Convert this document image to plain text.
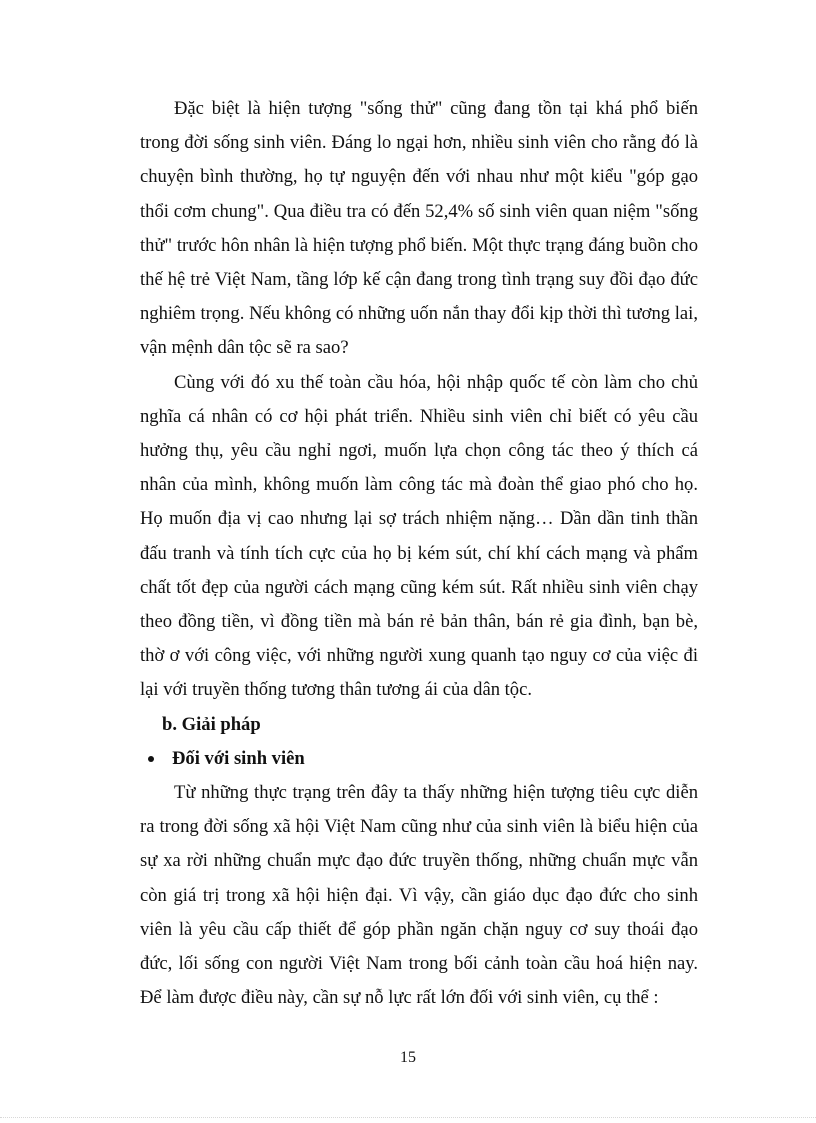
Đặc biệt là hiện tượng "sống thử" cũng đang tồn tại khá phổ biến trong đời sống sinh viên. Đáng lo ngại hơn, nhiều sinh viên cho rằng đó là chuyện bình thường, họ tự nguyện đến với nhau như một kiểu "góp gạo thổi cơm chung". Qua điều tra có đến 52,4% số sinh viên quan niệm "sống thử" trước hôn nhân là hiện tượng phổ biến. Một thực trạng đáng buồn cho thế hệ trẻ Việt Nam, tầng lớp kế cận đang trong tình trạng suy đồi đạo đức nghiêm trọng. Nếu không có những uốn nắn thay đổi kịp thời thì tương lai, vận mệnh dân tộc sẽ ra sao?

Cùng với đó xu thế toàn cầu hóa, hội nhập quốc tế còn làm cho chủ nghĩa cá nhân có cơ hội phát triển. Nhiều sinh viên chỉ biết có yêu cầu hưởng thụ, yêu cầu nghỉ ngơi, muốn lựa chọn công tác theo ý thích cá nhân của mình, không muốn làm công tác mà đoàn thể giao phó cho họ. Họ muốn địa vị cao nhưng lại sợ trách nhiệm nặng… Dần dần tinh thần đấu tranh và tính tích cực của họ bị kém sút, chí khí cách mạng và phẩm chất tốt đẹp của người cách mạng cũng kém sút. Rất nhiều sinh viên chạy theo đồng tiền, vì đồng tiền mà bán rẻ bản thân, bán rẻ gia đình, bạn bè, thờ ơ với công việc, với những người xung quanh tạo nguy cơ của việc đi lại với truyền thống tương thân tương ái của dân tộc.

b. Giải pháp

Đối với sinh viên

Từ những thực trạng trên đây ta thấy những hiện tượng tiêu cực diễn ra trong đời sống xã hội Việt Nam cũng như của sinh viên là biểu hiện của sự xa rời những chuẩn mực đạo đức truyền thống, những chuẩn mực vẫn còn giá trị trong xã hội hiện đại. Vì vậy, cần giáo dục đạo đức cho sinh viên là yêu cầu cấp thiết để góp phần ngăn chặn nguy cơ suy thoái đạo đức, lối sống con người Việt Nam trong bối cảnh toàn cầu hoá hiện nay. Để làm được điều này, cần sự nỗ lực rất lớn đối với sinh viên, cụ thể :

15
